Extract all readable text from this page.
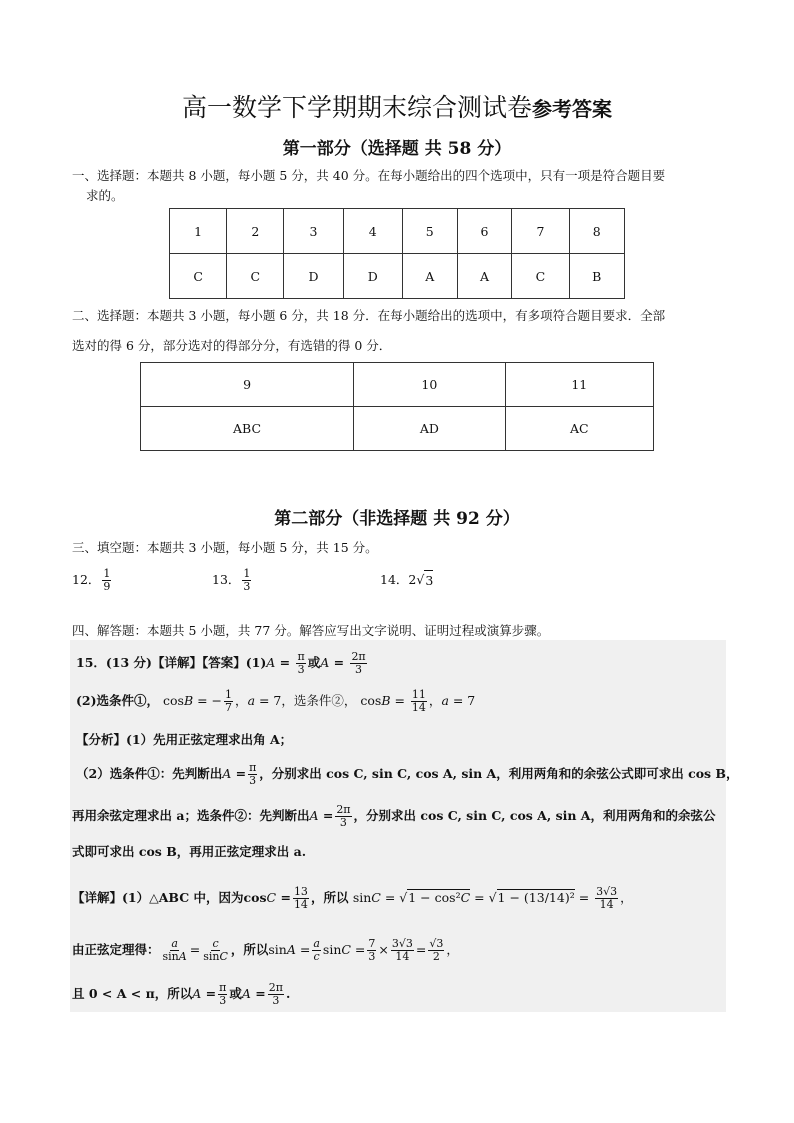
高一数学下学期期末综合测试卷参考答案
第一部分（选择题 共 58 分）
一、选择题：本题共 8 小题，每小题 5 分，共 40 分。在每小题给出的四个选项中，只有一项是符合题目要
求的。
1	2	3	4	5	6	7	8
C	C	D	D	A	A	C	B
二、选择题：本题共 3 小题，每小题 6 分，共 18 分．在每小题给出的选项中，有多项符合题目要求．全部
选对的得 6 分，部分选对的得部分分，有选错的得 0 分．
9	10	11
ABC	AD	AC
第二部分（非选择题 共 92 分）
三、填空题：本题共 3 小题，每小题 5 分，共 15 分。
12． $\frac{1}{9}$	13． $\frac{1}{3}$	14． 2 √ 3
四、解答题：本题共 5 小题，共 77 分。解答应写出文字说明、证明过程或演算步骤。
15．(13 分)【详解】【答案】(1) $A = \frac{\pi}{3}$ 或 $A = \frac{2\pi}{3}$
(2)选条件①， cos B = − $\frac{1}{7}$ ， a = 7，选条件②， $\cos B = \frac{11}{14}$ ， a = 7
【分析】(1）先用正弦定理求出角 A；
（2）选条件①：先判断出 $A = \frac{\pi}{3}$ ，分别求出 cos C, sin C, cos A, sin A，利用两角和的余弦公式即可求出 cos B，
再用余弦定理求出 a；选条件②：先判断出 $A = \frac{2\pi}{3}$ ，分别求出 cos C, sin C, cos A, sin A，利用两角和的余弦公
式即可求出 cos B，再用正弦定理求出 a.
【详解】(1）△ABC 中，因为 $\cos C = \frac{13}{14}$ ，所以
$\sin C = √1 - \cos^2C = √1 - (13/14)^2 = \frac{3√3}{14}$ ，
由正弦定理得： $\frac{a}{\sin A} = \frac{c}{\sin C}$ ，所以 $\sin A = \frac{a}{c}$ $\sin C = \frac{7}{3} \times \frac{3√3}{14} = \frac{√3}{2}$ ，
且 0 < A < π，所以 $A = \frac{\pi}{3}$ 或 $A = \frac{2\pi}{3}$ .
